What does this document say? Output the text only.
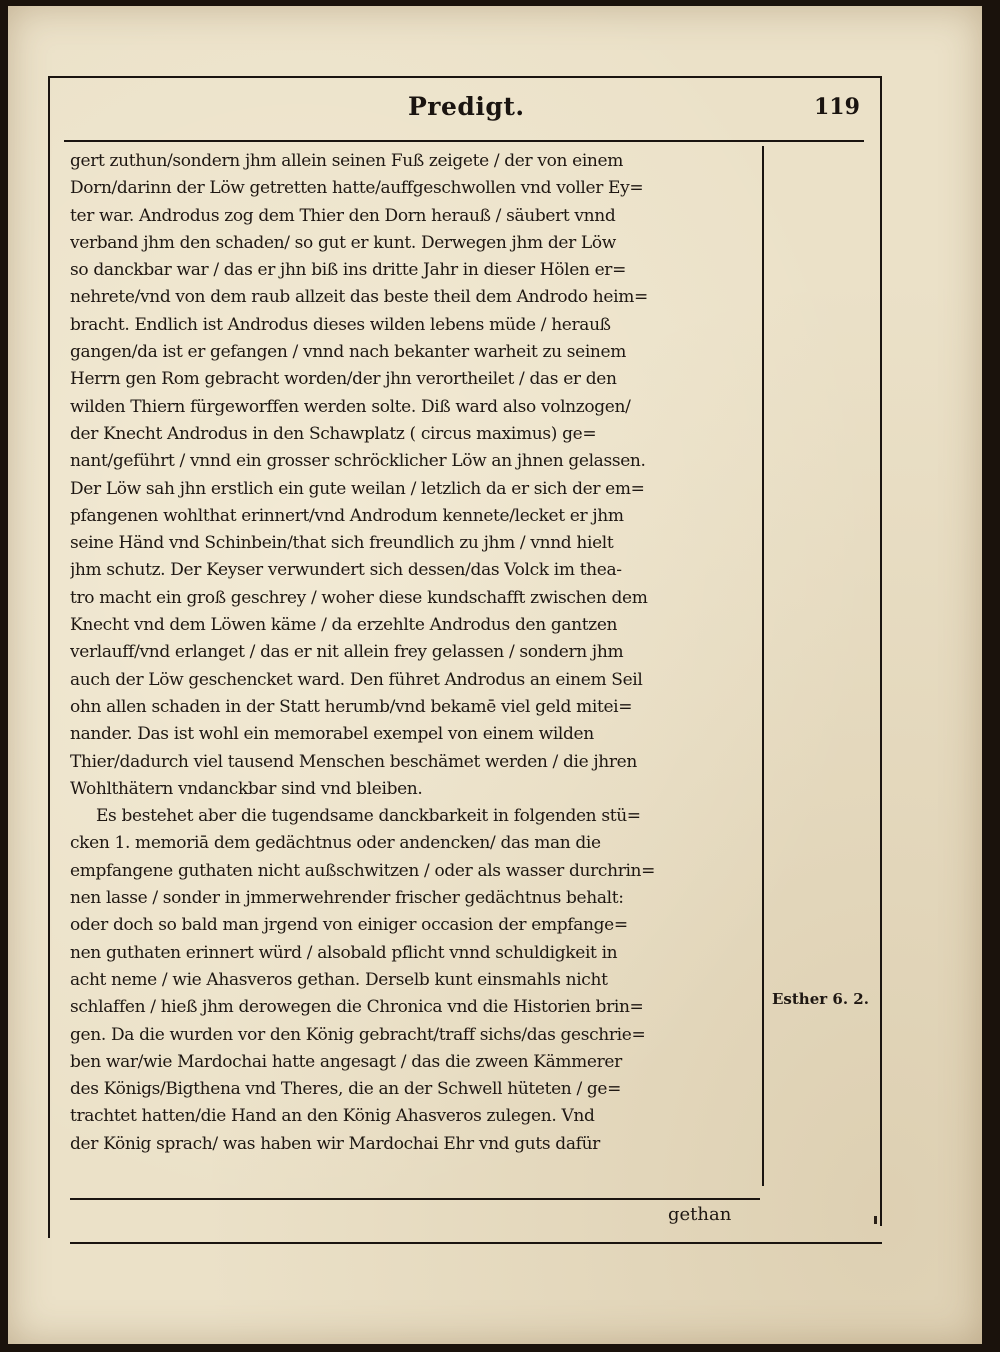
Predigt.	119
gert zuthun/sondern jhm allein seinen Fuß zeigete / der von einem
Dorn/darinn der Löw getretten hatte/auffgeschwollen vnd voller Ey=
ter war. Androdus zog dem Thier den Dorn herauß / säubert vnnd
verband jhm den schaden/ so gut er kunt. Derwegen jhm der Löw
so danckbar war / das er jhn biß ins dritte Jahr in dieser Hölen er=
nehrete/vnd von dem raub allzeit das beste theil dem Androdo heim=
bracht. Endlich ist Androdus dieses wilden lebens müde / herauß
gangen/da ist er gefangen / vnnd nach bekanter warheit zu seinem
Herrn gen Rom gebracht worden/der jhn verortheilet / das er den
wilden Thiern fürgeworffen werden solte. Diß ward also volnzogen/
der Knecht Androdus in den Schawplatz ( circus maximus) ge=
nant/geführt / vnnd ein grosser schröcklicher Löw an jhnen gelassen.
Der Löw sah jhn erstlich ein gute weilan / letzlich da er sich der em=
pfangenen wohlthat erinnert/vnd Androdum kennete/lecket er jhm
seine Händ vnd Schinbein/that sich freundlich zu jhm / vnnd hielt
jhm schutz. Der Keyser verwundert sich dessen/das Volck im thea-
tro macht ein groß geschrey / woher diese kundschafft zwischen dem
Knecht vnd dem Löwen käme / da erzehlte Androdus den gantzen
verlauff/vnd erlanget / das er nit allein frey gelassen / sondern jhm
auch der Löw geschencket ward. Den führet Androdus an einem Seil
ohn allen schaden in der Statt herumb/vnd bekamē viel geld mitei=
nander. Das ist wohl ein memorabel exempel von einem wilden
Thier/dadurch viel tausend Menschen beschämet werden / die jhren
Wohlthätern vndanckbar sind vnd bleiben.
Es bestehet aber die tugendsame danckbarkeit in folgenden stü=
cken 1. memoriā dem gedächtnus oder andencken/ das man die
empfangene guthaten nicht außschwitzen / oder als wasser durchrin=
nen lasse / sonder in jmmerwehrender frischer gedächtnus behalt:
oder doch so bald man jrgend von einiger occasion der empfange=
nen guthaten erinnert würd / alsobald pflicht vnnd schuldigkeit in
acht neme / wie Ahasveros gethan. Derselb kunt einsmahls nicht
schlaffen / hieß jhm derowegen die Chronica vnd die Historien brin=
gen. Da die wurden vor den König gebracht/traff sichs/das geschrie=
ben war/wie Mardochai hatte angesagt / das die zween Kämmerer
des Königs/Bigthena vnd Theres, die an der Schwell hüteten / ge=
trachtet hatten/die Hand an den König Ahasveros zulegen. Vnd
der König sprach/ was haben wir Mardochai Ehr vnd guts dafür
Esther 6. 2.
gethan
